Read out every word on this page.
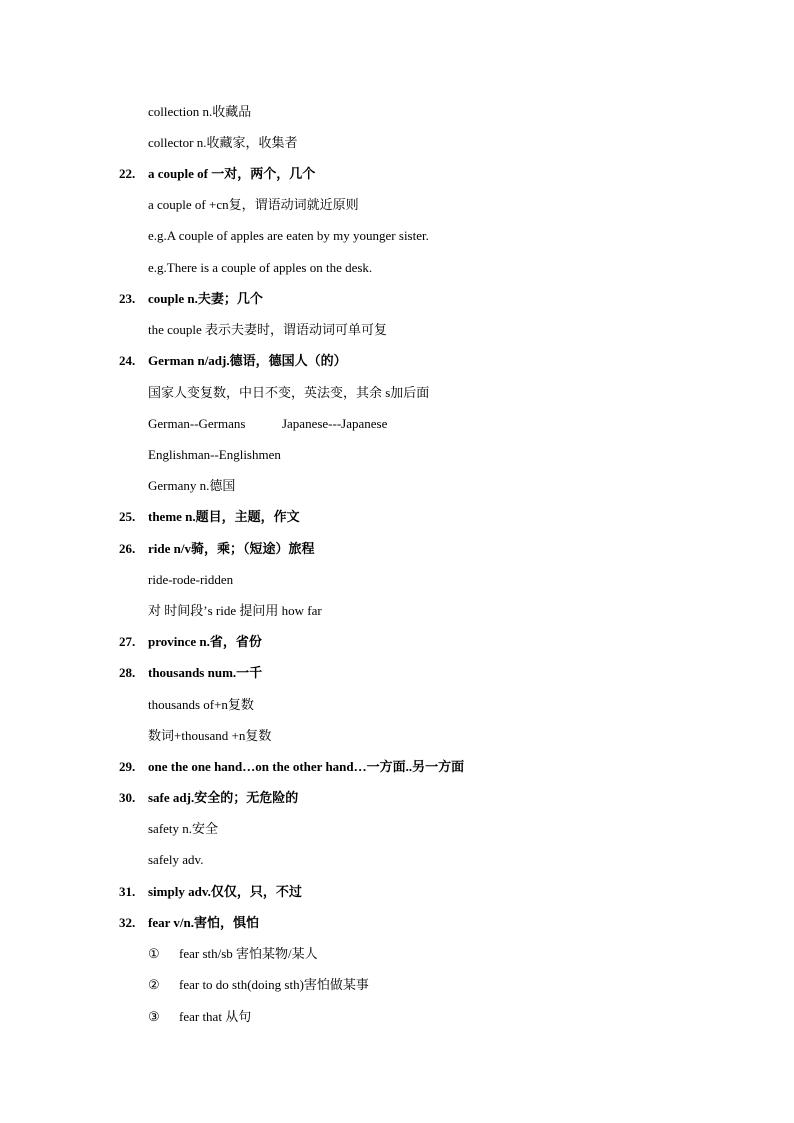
collection n.收藏品
collector n.收藏家，收集者
22. a couple of 一对，两个，几个
a couple of +cn复，谓语动词就近原则
e.g.A couple of apples are eaten by my younger sister.
e.g.There is a couple of apples on the desk.
23. couple n.夫妻；几个
the couple 表示夫妻时，谓语动词可单可复
24. German n/adj.德语，德国人（的）
国家人变复数，中日不变，英法变，其余 s加后面
German--Germans	Japanese---Japanese
Englishman--Englishmen
Germany n.德国
25. theme n.题目，主题，作文
26. ride n/v骑，乘；（短途）旅程
ride-rode-ridden
对 时间段’s ride 提问用 how far
27. province n.省，省份
28. thousands num.一千
thousands of+n复数
数词+thousand +n复数
29. one the one hand…on the other hand…一方面..另一方面
30. safe adj.安全的；无危险的
safety n.安全
safely adv.
31. simply adv.仅仅，只，不过
32. fear v/n.害怕，惧怕
① fear sth/sb 害怕某物/某人
② fear to do sth(doing sth)害怕做某事
③ fear that 从句
